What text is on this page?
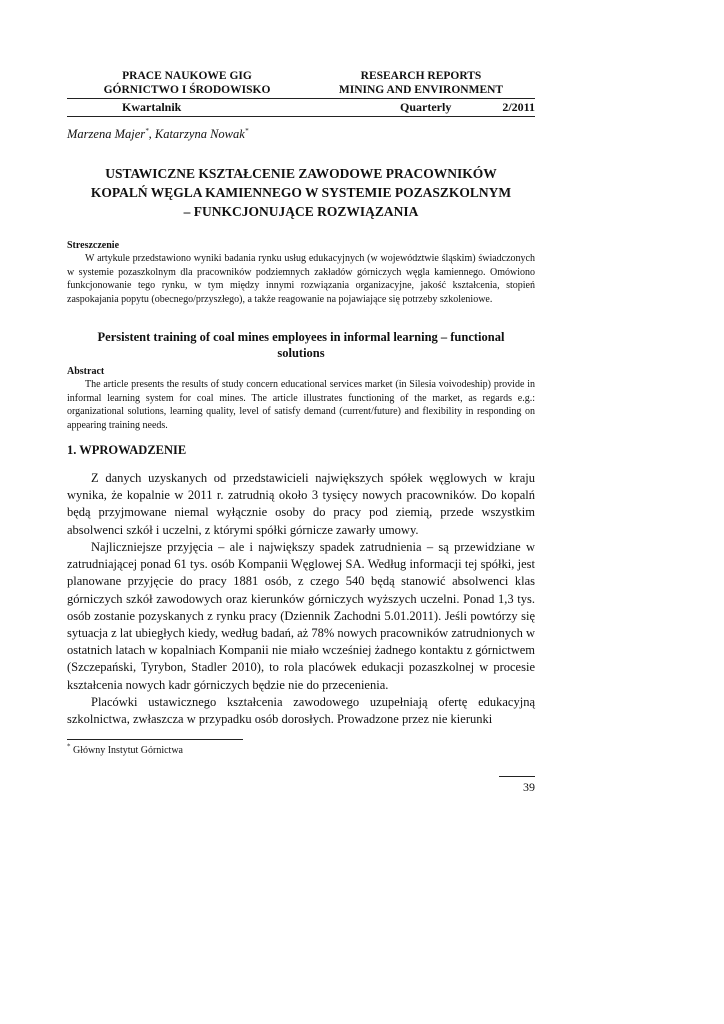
PRACE NAUKOWE GIG
GÓRNICTWO I ŚRODOWISKO
RESEARCH REPORTS
MINING AND ENVIRONMENT
Kwartalnik	Quarterly	2/2011
Marzena Majer*, Katarzyna Nowak*
USTAWICZNE KSZTAŁCENIE ZAWODOWE PRACOWNIKÓW
KOPALŃ WĘGLA KAMIENNEGO W SYSTEMIE POZASZKOLNYM
– FUNKCJONUJĄCE ROZWIĄZANIA
Streszczenie
W artykule przedstawiono wyniki badania rynku usług edukacyjnych (w województwie śląskim) świadczonych w systemie pozaszkolnym dla pracowników podziemnych zakładów górniczych węgla kamiennego. Omówiono funkcjonowanie tego rynku, w tym między innymi rozwiązania organizacyjne, jakość kształcenia, stopień zaspokajania popytu (obecnego/przyszłego), a także reagowanie na pojawiające się potrzeby szkoleniowe.
Persistent training of coal mines employees in informal learning – functional
solutions
Abstract
The article presents the results of study concern educational services market (in Silesia voivodeship) provide in informal learning system for coal mines. The article illustrates functioning of the market, as regards e.g.: organizational solutions, learning quality, level of satisfy demand (current/future) and flexibility in responding on appearing training needs.
1. WPROWADZENIE
Z danych uzyskanych od przedstawicieli największych spółek węglowych w kraju wynika, że kopalnie w 2011 r. zatrudnią około 3 tysięcy nowych pracowników. Do kopalń będą przyjmowane niemal wyłącznie osoby do pracy pod ziemią, przede wszystkim absolwenci szkół i uczelni, z którymi spółki górnicze zawarły umowy.
Najliczniejsze przyjęcia – ale i największy spadek zatrudnienia – są przewidziane w zatrudniającej ponad 61 tys. osób Kompanii Węglowej SA. Według informacji tej spółki, jest planowane przyjęcie do pracy 1881 osób, z czego 540 będą stanowić absolwenci klas górniczych szkół zawodowych oraz kierunków górniczych wyższych uczelni. Ponad 1,3 tys. osób zostanie pozyskanych z rynku pracy (Dziennik Zachodni 5.01.2011). Jeśli powtórzy się sytuacja z lat ubiegłych kiedy, według badań, aż 78% nowych pracowników zatrudnionych w ostatnich latach w kopalniach Kompanii nie miało wcześniej żadnego kontaktu z górnictwem (Szczepański, Tyrybon, Stadler 2010), to rola placówek edukacji pozaszkolnej w procesie kształcenia nowych kadr górniczych będzie nie do przecenienia.
Placówki ustawicznego kształcenia zawodowego uzupełniają ofertę edukacyjną szkolnictwa, zwłaszcza w przypadku osób dorosłych. Prowadzone przez nie kierunki
* Główny Instytut Górnictwa
39
